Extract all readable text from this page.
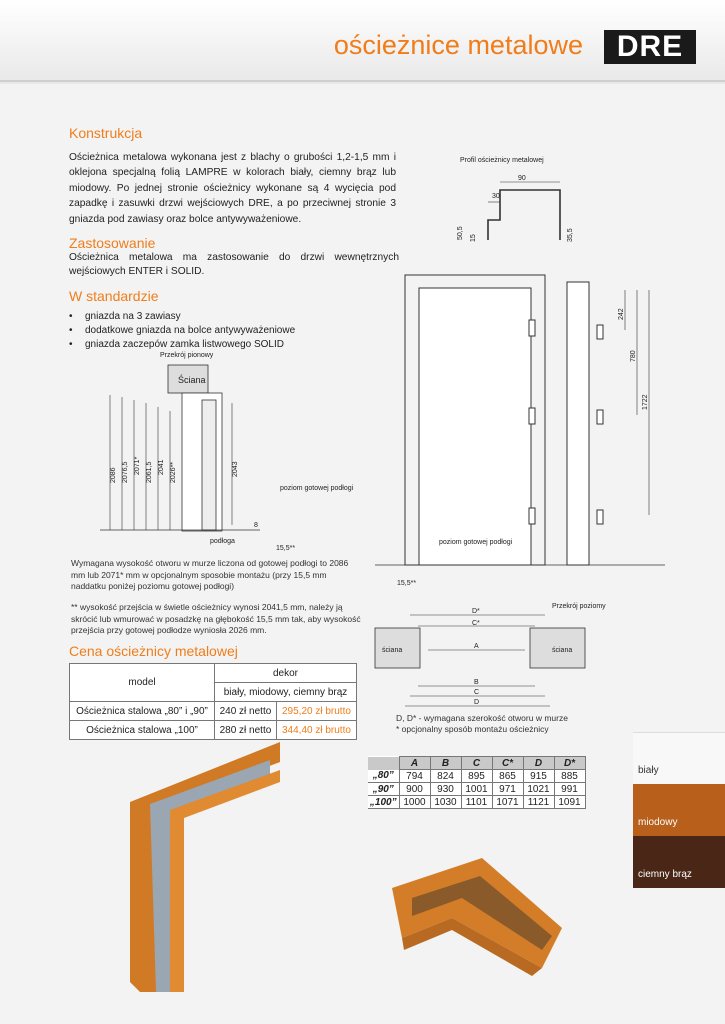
ościeżnice metalowe	DRE
Konstrukcja
Ościeżnica metalowa wykonana jest z blachy o grubości 1,2-1,5 mm i oklejona specjalną folią LAMPRE w kolorach biały, ciemny brąz lub miodowy. Po jednej stronie ościeżnicy wykonane są 4 wycięcia pod zapadkę i zasuwki drzwi wejściowych DRE, a po przeciwnej stronie 3 gniazda pod zawiasy oraz bolce antywyważeniowe.
Zastosowanie
Ościeżnica metalowa ma zastosowanie do drzwi wewnętrznych wejściowych ENTER i SOLID.
W standardzie
• gniazda na 3 zawiasy
• dodatkowe gniazda na bolce antywyważeniowe
• gniazda zaczepów zamka listwowego SOLID
Przekrój pionowy
Ściana
2086 2076,5 2071* 2061,5 2041 2026**	2043
poziom gotowej podłogi
podłoga
8
15,5**
Wymagana wysokość otworu w murze liczona od gotowej podłogi to 2086 mm lub 2071* mm w opcjonalnym sposobie montażu (przy 15,5 mm naddatku poniżej poziomu gotowej podłogi)
** wysokość przejścia w świetle ościeżnicy wynosi 2041,5 mm, należy ją skrócić lub wmurować w posadzkę na głębokość 15,5 mm tak, aby wysokość przejścia przy gotowej podłodze wyniosła 2026 mm.
Profil ościeżnicy metalowej
90
30
50,5 15	35,5
poziom gotowej podłogi
15,5**
242
780
1722
Przekrój poziomy
ściana	ściana
D*
C*
A
B
C
D
D, D* - wymagana szerokość otworu w murze
* opcjonalny sposób montażu ościeżnicy
Cena ościeżnicy metalowej
model	dekor	
	biały, miodowy, ciemny brąz	
Ościeżnica stalowa „80” i „90”	240 zł netto	295,20 zł brutto
Ościeżnica stalowa „100”	280 zł netto	344,40 zł brutto
	A	B	C	C*	D	D*
„80”	794	824	895	865	915	885
„90”	900	930	1001	971	1021	991
„100”	1000	1030	1101	1071	1121	1091
biały
miodowy
ciemny brąz
